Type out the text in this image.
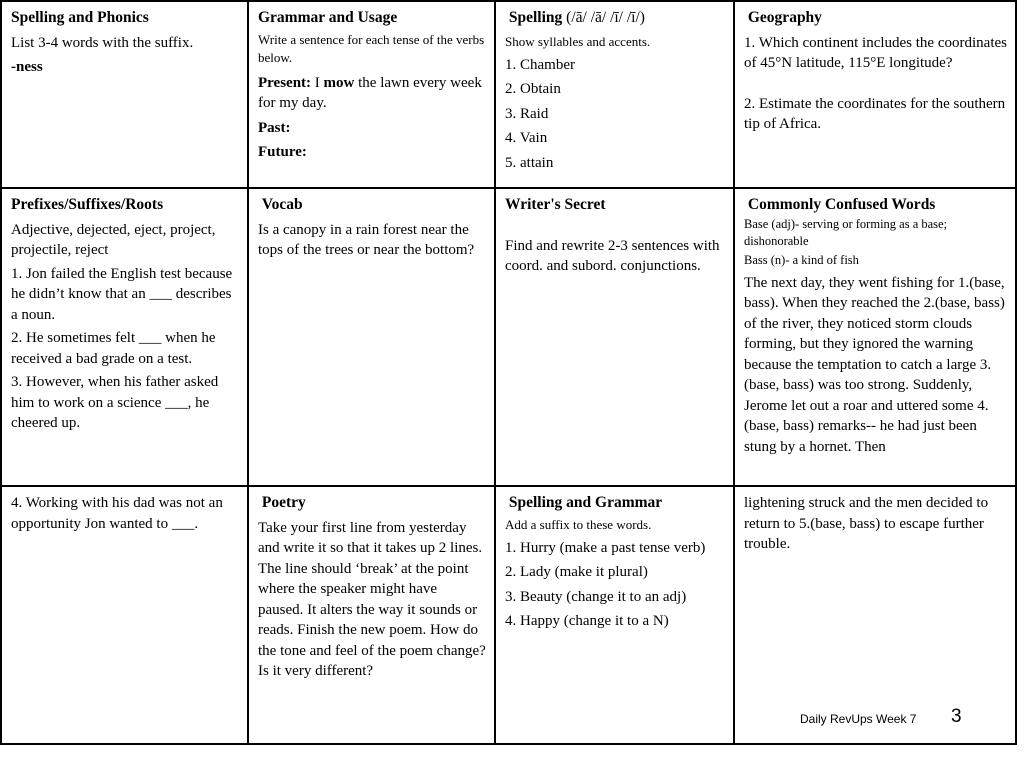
Spelling and Phonics
List 3-4 words with the suffix.
-ness
Grammar and Usage
Write a sentence for each tense of the verbs below.
Present: I mow the lawn every week for my day.
Past:
Future:
Spelling (/ā/ /ā/ /ī/ /ī/)
Show syllables and accents.
1. Chamber
2. Obtain
3. Raid
4. Vain
5. attain
Geography
1. Which continent includes the coordinates of 45°N latitude, 115°E longitude?
2. Estimate the coordinates for the southern tip of Africa.
Prefixes/Suffixes/Roots
Adjective, dejected, eject, project, projectile, reject
1. Jon failed the English test because he didn’t know that an ___ describes a noun.
2. He sometimes felt ___ when he received a bad grade on a test.
3. However, when his father asked him to work on a science ___, he cheered up.
Vocab
Is a canopy in a rain forest near the tops of the trees or near the bottom?
Writer's Secret
Find and rewrite 2-3 sentences with coord. and subord. conjunctions.
Commonly Confused Words
Base (adj)- serving or forming as a base; dishonorable
Bass (n)- a kind of fish
The next day, they went fishing for 1.(base, bass). When they reached the 2.(base, bass) of the river, they noticed storm clouds forming, but they ignored the warning because the temptation to catch a large 3.(base, bass) was too strong. Suddenly, Jerome let out a roar and uttered some 4.(base, bass) remarks-- he had just been stung by a hornet. Then
4. Working with his dad was not an opportunity Jon wanted to ___.
Poetry
Take your first line from yesterday and write it so that it takes up 2 lines. The line should ‘break’ at the point where the speaker might have paused. It alters the way it sounds or reads. Finish the new poem. How do the tone and feel of the poem change? Is it very different?
Spelling and Grammar
Add a suffix to these words.
1. Hurry (make a past tense verb)
2. Lady (make it plural)
3. Beauty (change it to an adj)
4. Happy (change it to a N)
lightening struck and the men decided to return to 5.(base, bass) to escape further trouble.
Daily RevUps Week 7 3
